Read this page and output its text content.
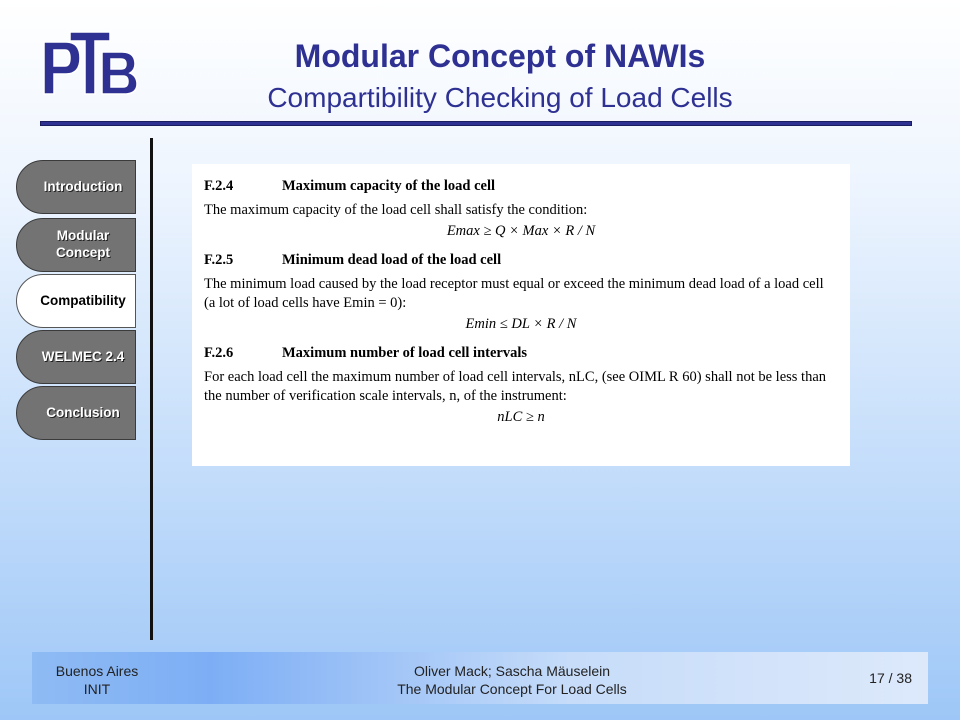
Modular Concept of NAWIs
Compartibility Checking of Load Cells
Introduction
Modular Concept
Compatibility
WELMEC 2.4
Conclusion
F.2.4	Maximum capacity of the load cell
The maximum capacity of the load cell shall satisfy the condition:
Emax ≥ Q × Max × R / N
F.2.5	Minimum dead load of the load cell
The minimum load caused by the load receptor must equal or exceed the minimum dead load of a load cell (a lot of load cells have Emin = 0):
Emin ≤ DL × R / N
F.2.6	Maximum number of load cell intervals
For each load cell the maximum number of load cell intervals, nLC, (see OIML R 60) shall not be less than the number of verification scale intervals, n, of the instrument:
nLC ≥ n
Buenos Aires
INIT
Oliver Mack; Sascha Mäuselein
The Modular Concept For Load Cells
17 / 38
